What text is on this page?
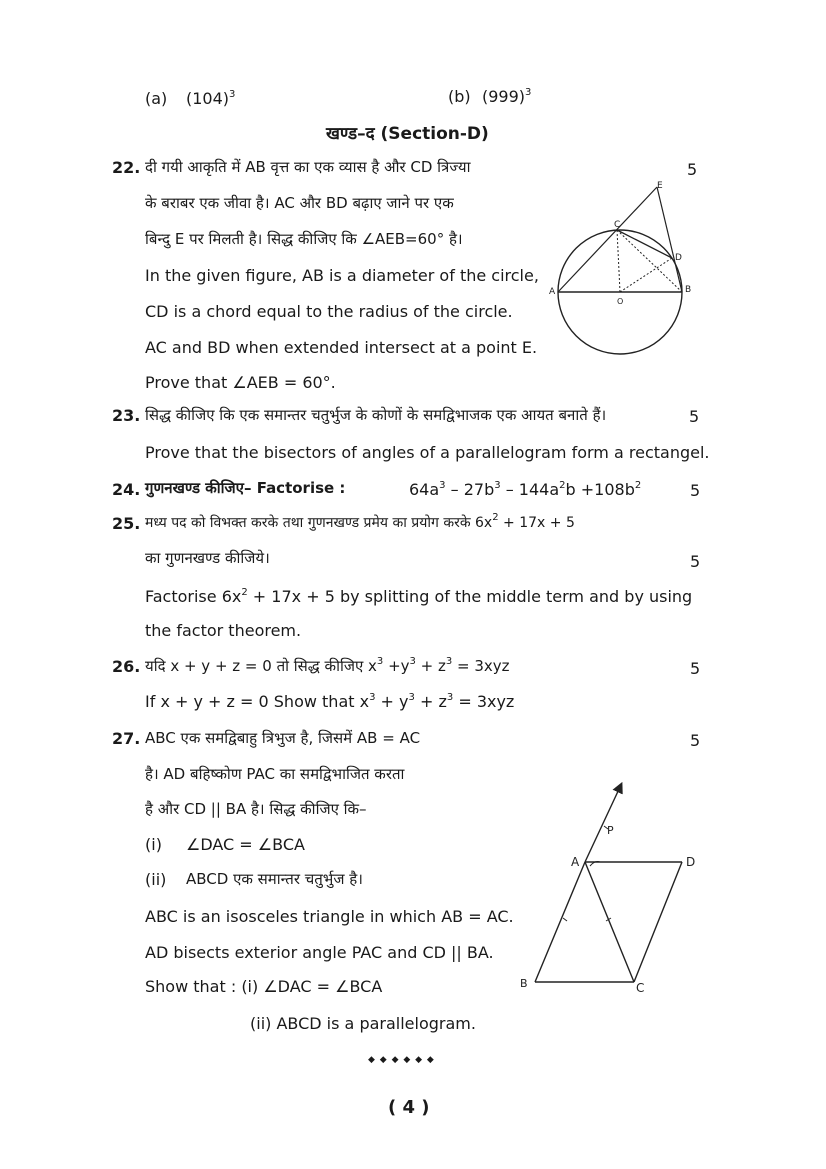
(a) $(104)^3$	(b) $(999)^3$
खण्ड–द (Section-D)
22.	5
दी गयी आकृति में AB वृत्त का एक व्यास है और CD त्रिज्या
के बराबर एक जीवा है। AC और BD बढ़ाए जाने पर एक
बिन्दु E पर मिलती है। सिद्ध कीजिए कि ∠AEB=60° है।
In the given figure, AB is a diameter of the circle,
CD is a chord equal to the radius of the circle.
AC and BD when extended intersect at a point E.
Prove that ∠AEB = 60°.
A	B
C
D
E
O
23. सिद्ध कीजिए कि एक समान्तर चतुर्भुज के कोणों के समद्विभाजक एक आयत बनाते हैं।	5
Prove that the bisectors of angles of a parallelogram form a rectangel.
24. गुणनखण्ड कीजिए– Factorise :	$64a^3 - 27b^3 - 144a^2b +108b^2$	5
25. मध्य पद को विभक्त करके तथा गुणनखण्ड प्रमेय का प्रयोग करके $6x^2 + 17x + 5$
का गुणनखण्ड कीजिये।	5
Factorise $6x^2 + 17x + 5$ by splitting of the middle term and by using
the factor theorem.
26. यदि x + y + z = 0 तो सिद्ध कीजिए $x^3 +y^3 + z^3 = 3xyz$	5
If x + y + z = 0 Show that $x^3 + y^3 + z^3 = 3xyz$
27. ABC एक समद्विबाहु त्रिभुज है, जिसमें AB = AC	5
है। AD बहिष्कोण PAC का समद्विभाजित करता
है और CD || BA है। सिद्ध कीजिए कि–
(i) ∠DAC = ∠BCA
(ii) ABCD एक समान्तर चतुर्भुज है।
ABC is an isosceles triangle in which AB = AC.
AD bisects exterior angle PAC and CD || BA.
Show that : (i) ∠DAC = ∠BCA
(ii) ABCD is a parallelogram.
P
A	D
B	C
◆ ◆ ◆ ◆ ◆ ◆
( 4 )
